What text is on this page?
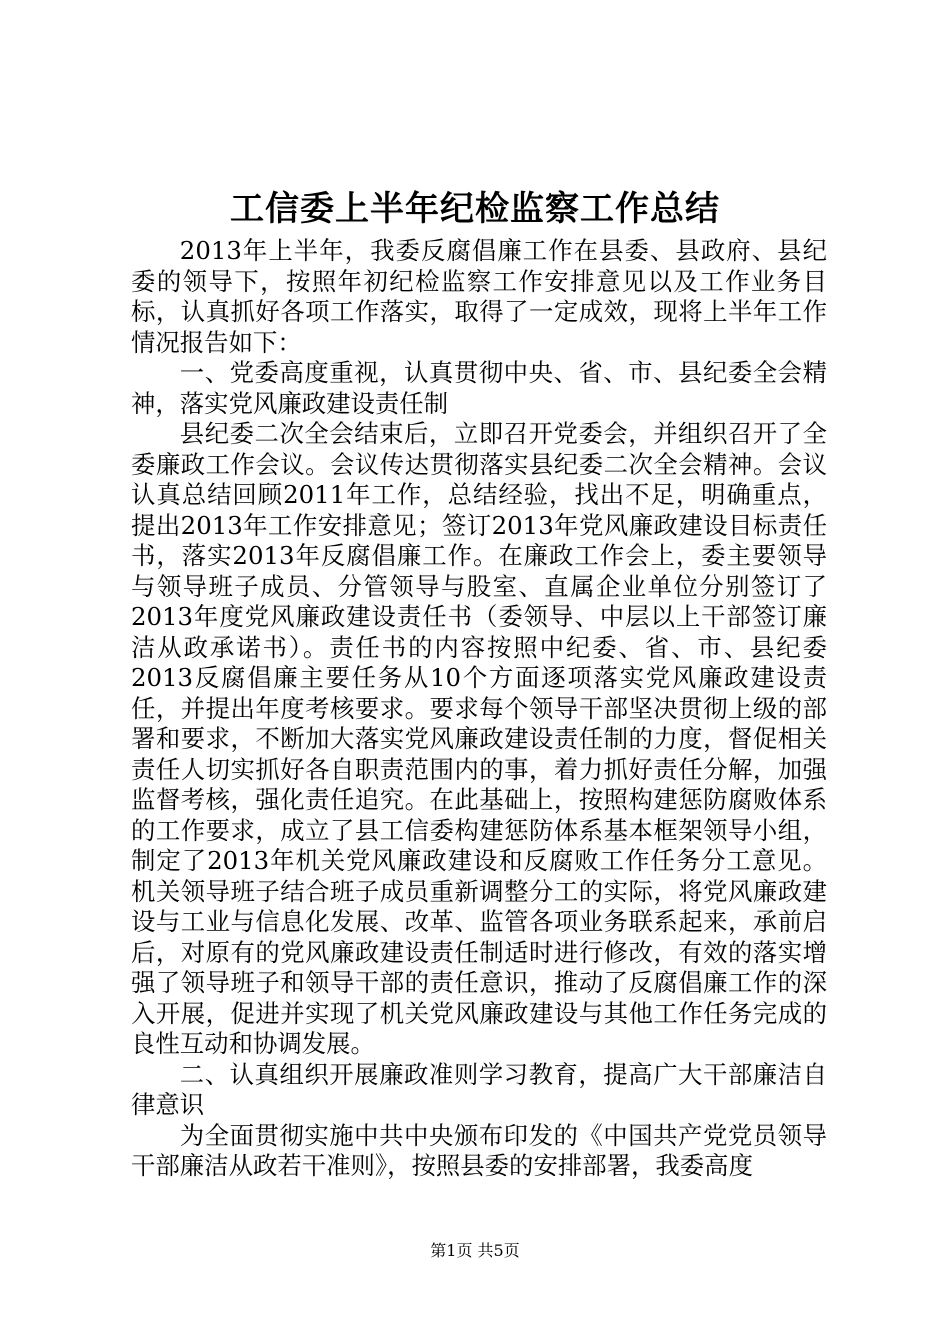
工信委上半年纪检监察工作总结

2013年上半年，我委反腐倡廉工作在县委、县政府、县纪委的领导下，按照年初纪检监察工作安排意见以及工作业务目标，认真抓好各项工作落实，取得了一定成效，现将上半年工作情况报告如下：

一、党委高度重视，认真贯彻中央、省、市、县纪委全会精神，落实党风廉政建设责任制

县纪委二次全会结束后，立即召开党委会，并组织召开了全委廉政工作会议。会议传达贯彻落实县纪委二次全会精神。会议认真总结回顾2011年工作，总结经验，找出不足，明确重点，提出2013年工作安排意见；签订2013年党风廉政建设目标责任书，落实2013年反腐倡廉工作。在廉政工作会上，委主要领导与领导班子成员、分管领导与股室、直属企业单位分别签订了2013年度党风廉政建设责任书（委领导、中层以上干部签订廉洁从政承诺书）。责任书的内容按照中纪委、省、市、县纪委2013反腐倡廉主要任务从10个方面逐项落实党风廉政建设责任，并提出年度考核要求。要求每个领导干部坚决贯彻上级的部署和要求，不断加大落实党风廉政建设责任制的力度，督促相关责任人切实抓好各自职责范围内的事，着力抓好责任分解，加强监督考核，强化责任追究。在此基础上，按照构建惩防腐败体系的工作要求，成立了县工信委构建惩防体系基本框架领导小组，制定了2013年机关党风廉政建设和反腐败工作任务分工意见。机关领导班子结合班子成员重新调整分工的实际，将党风廉政建设与工业与信息化发展、改革、监管各项业务联系起来，承前启后，对原有的党风廉政建设责任制适时进行修改，有效的落实增强了领导班子和领导干部的责任意识，推动了反腐倡廉工作的深入开展，促进并实现了机关党风廉政建设与其他工作任务完成的良性互动和协调发展。

二、认真组织开展廉政准则学习教育，提高广大干部廉洁自律意识

为全面贯彻实施中共中央颁布印发的《中国共产党党员领导干部廉洁从政若干准则》，按照县委的安排部署，我委高度

第1页 共5页
